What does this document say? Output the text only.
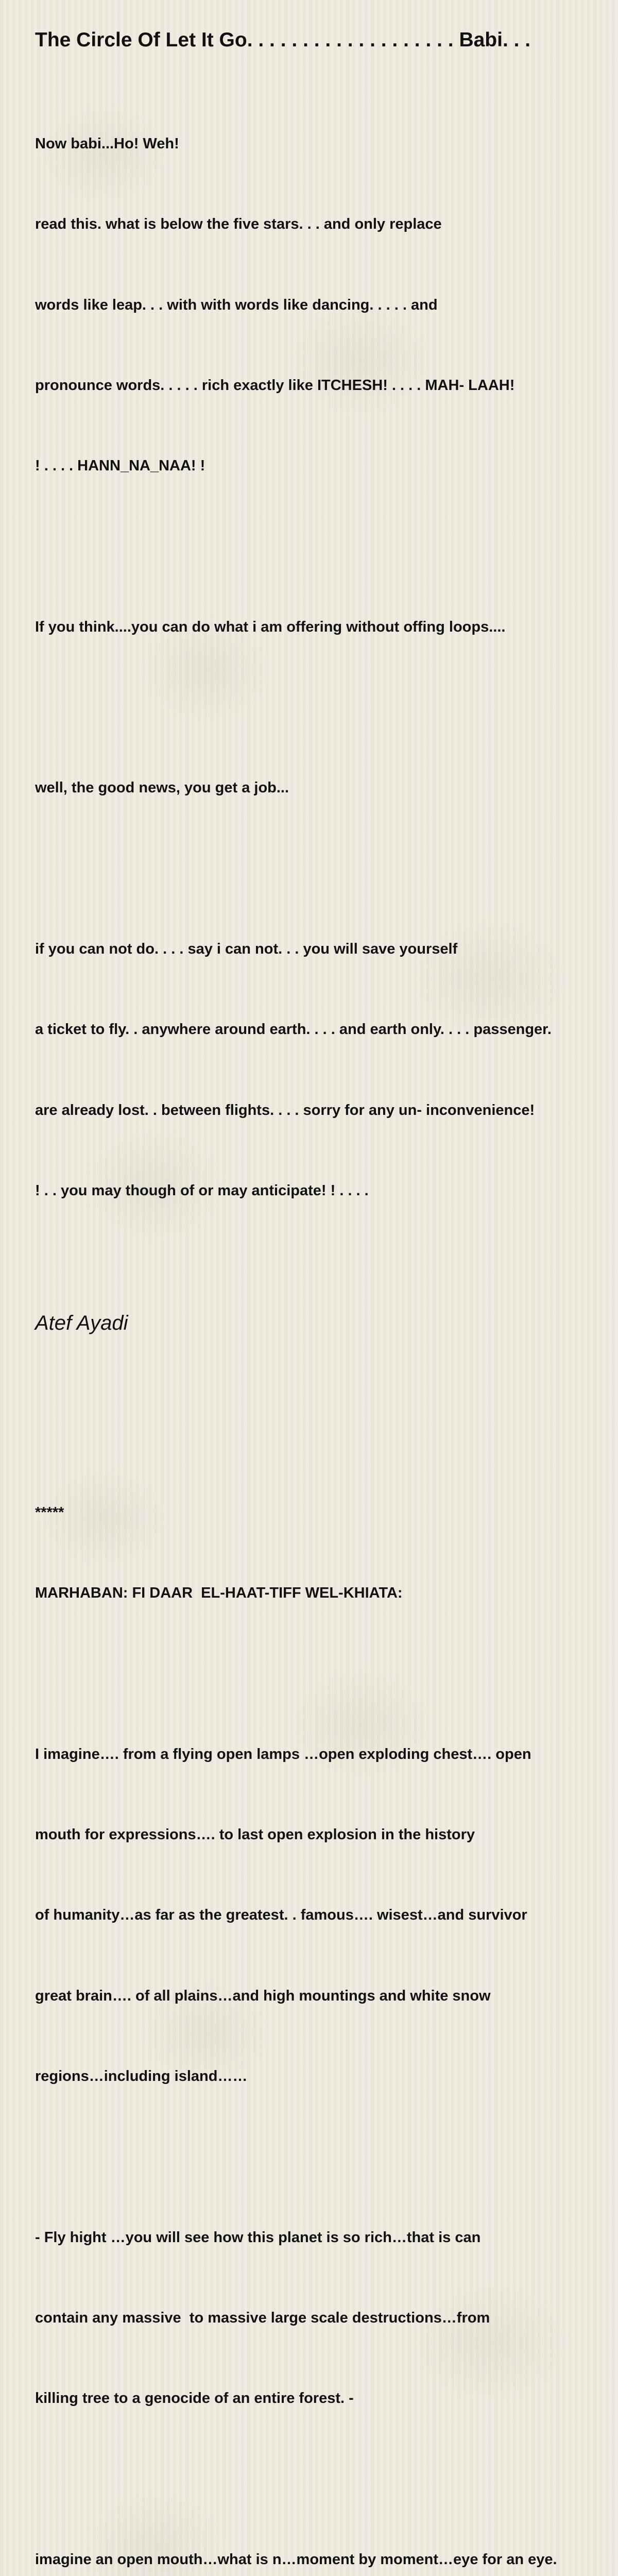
The Circle Of Let It Go. . . . . . . . . . . . . . . . . . . Babi. . .

Now babi...Ho! Weh!

read this. what is below the five stars. . . and only replace

words like leap. . . with with words like dancing. . . . . and

pronounce words. . . . . rich exactly like ITCHESH! . . . . MAH- LAAH!

! . . . . HANN_NA_NAA! !

If you think....you can do what i am offering without offing loops....

well, the good news, you get a job...

if you can not do. . . . say i can not. . . you will save yourself

a ticket to fly. . anywhere around earth. . . . and earth only. . . . passenger.

are already lost. . between flights. . . . sorry for any un- inconvenience!

! . . you may though of or may anticipate! ! . . . .

*****

MARHABAN: FI DAAR  EL-HAAT-TIFF WEL-KHIATA:

I imagine…. from a flying open lamps …open exploding chest…. open

mouth for expressions…. to last open explosion in the history

of humanity…as far as the greatest. . famous…. wisest…and survivor

great brain…. of all plains…and high mountings and white snow

regions…including island……

- Fly hight …you will see how this planet is so rich…that is can

contain any massive  to massive large scale destructions…from

killing tree to a genocide of an entire forest. -

imagine an open mouth…what is n…moment by moment…eye for an eye.

Atef Ayadi
